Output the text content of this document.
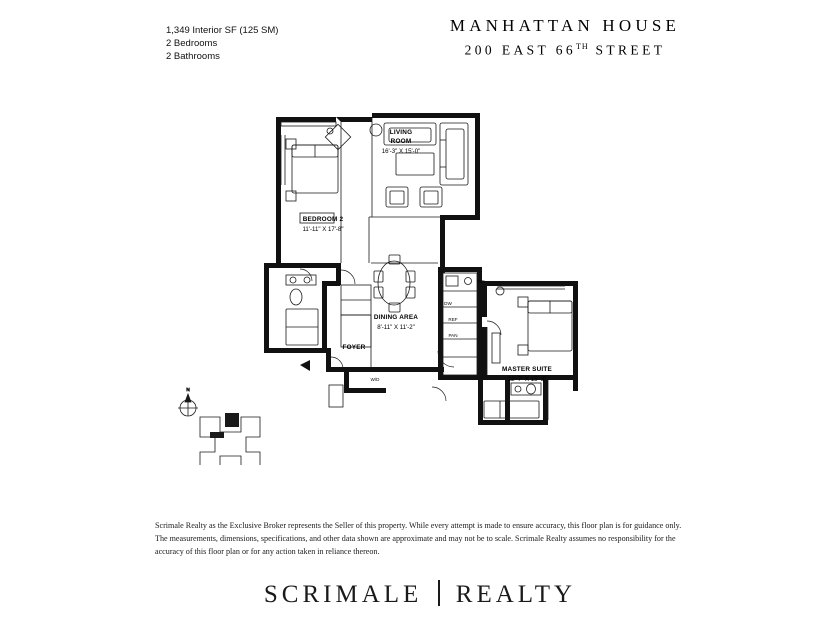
1,349 Interior SF (125 SM)
2 Bedrooms
2 Bathrooms
MANHATTAN HOUSE
200 EAST 66TH STREET
WC
DW
REF
PAN
W/D
LIVING
ROOM
16'-3" X 15'-0"
BEDROOM 2
11'-11" X 17'-8"
DINING AREA
8'-11" X 11'-2"
FOYER
MASTER SUITE
12'-7" X 15'-3"
N
Scrimale Realty as the Exclusive Broker represents the Seller of this property. While every attempt is made to ensure accuracy, this floor plan is for guidance only. The measurements, dimensions, specifications, and other data shown are approximate and may not be to scale. Scrimale Realty assumes no responsibility for the accuracy of this floor plan or for any action taken in reliance thereon.
SCRIMALE REALTY
